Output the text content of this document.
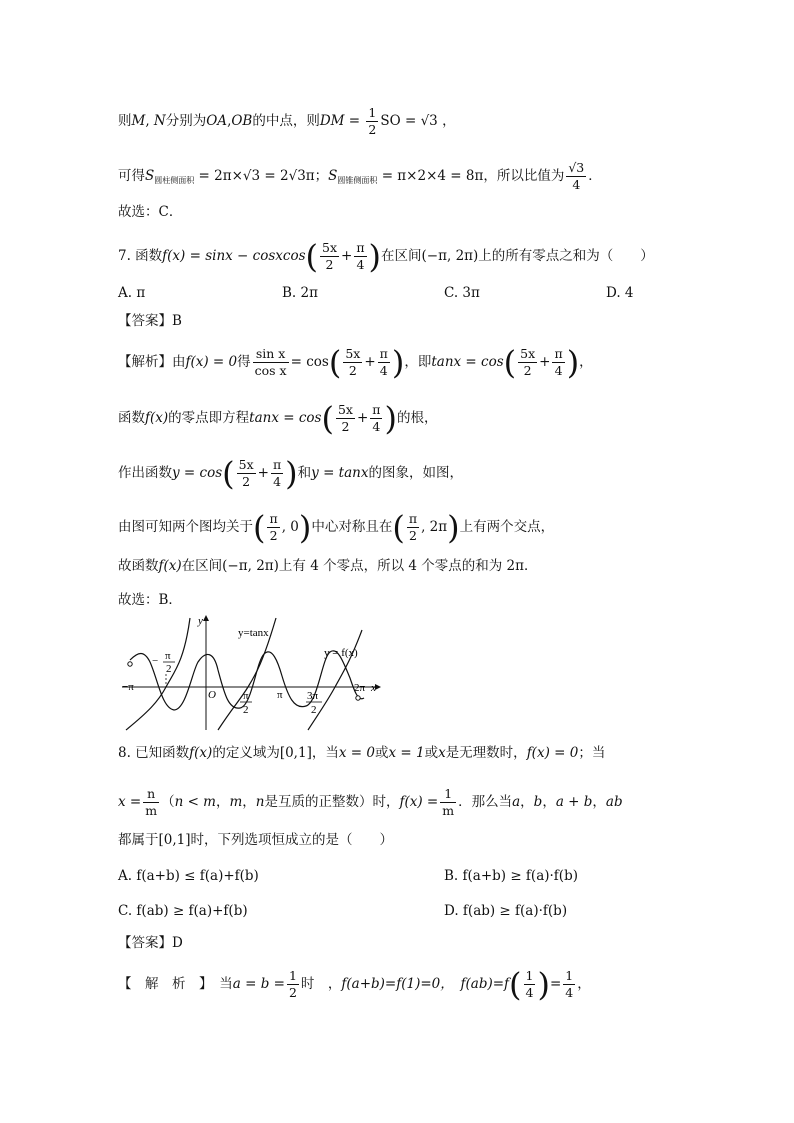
则M, N分别为OA,OB的中点，则DM = $\frac{1}{2}$ SO = √3 ，
可得$S_{圆柱侧面积} = 2\pi\times√3 = 2√3\pi$；$S_{圆锥侧面积} = \pi\times 2\times 4 = 8\pi$，所以比值为 $\frac{√3}{4}$ ．
故选：C．
7. 函数f(x) = sinx − cosxcos( $\frac{5x}{2} + \frac{\pi}{4}$ )在区间(−π, 2π)上的所有零点之和为（　　）
A. π	B. 2π	C. 3π	D. 4
【答案】B
【解析】由f(x) = 0得 $\frac{\text{sin x}}{\text{cos x}} = \cos( \frac{5x}{2} + \frac{\pi}{4}$ )，即$\tan x = \cos( \frac{5x}{2} + \frac{\pi}{4}$ )，
函数f(x)的零点即方程$\tan x = \cos( \frac{5x}{2} + \frac{\pi}{4}$ )的根，
作出函数$y = \cos( \frac{5x}{2} + \frac{\pi}{4}$ )和y = tanx的图象，如图，
由图可知两个图均关于( $\frac{\pi}{2}$ , 0)中心对称且在( $\frac{\pi}{2}$ , 2π)上有两个交点，
故函数f(x)在区间(−π, 2π)上有 4 个零点，所以 4 个零点的和为 2π．
故选：B．
y
x
O
y=tanx
y = f(x)
−π
− π
2
π
2
π 3π
2
2π
8. 已知函数f(x)的定义域为[0,1]，当x = 0或x = 1或x是无理数时，f(x) = 0；当
$x = \frac{n}{m} (n < m$，m，n是互质的正整数）时，$f(x) = \frac{1}{m}$ ．那么当a，b，a + b，ab
都属于[0,1]时，下列选项恒成立的是（　　）
A. f(a+b) ≤ f(a)+f(b)	B. f(a+b) ≥ f(a)·f(b)
C. f(ab) ≥ f(a)+f(b)	D. f(ab) ≥ f(a)·f(b)
【答案】D
【　解　析　】　当$a = b = \frac{1}{2}$ 时　，f(a+b)=f(1)=0，　 $f(ab)=f( \frac{1}{4}$ )= $\frac{1}{4}$ ，
